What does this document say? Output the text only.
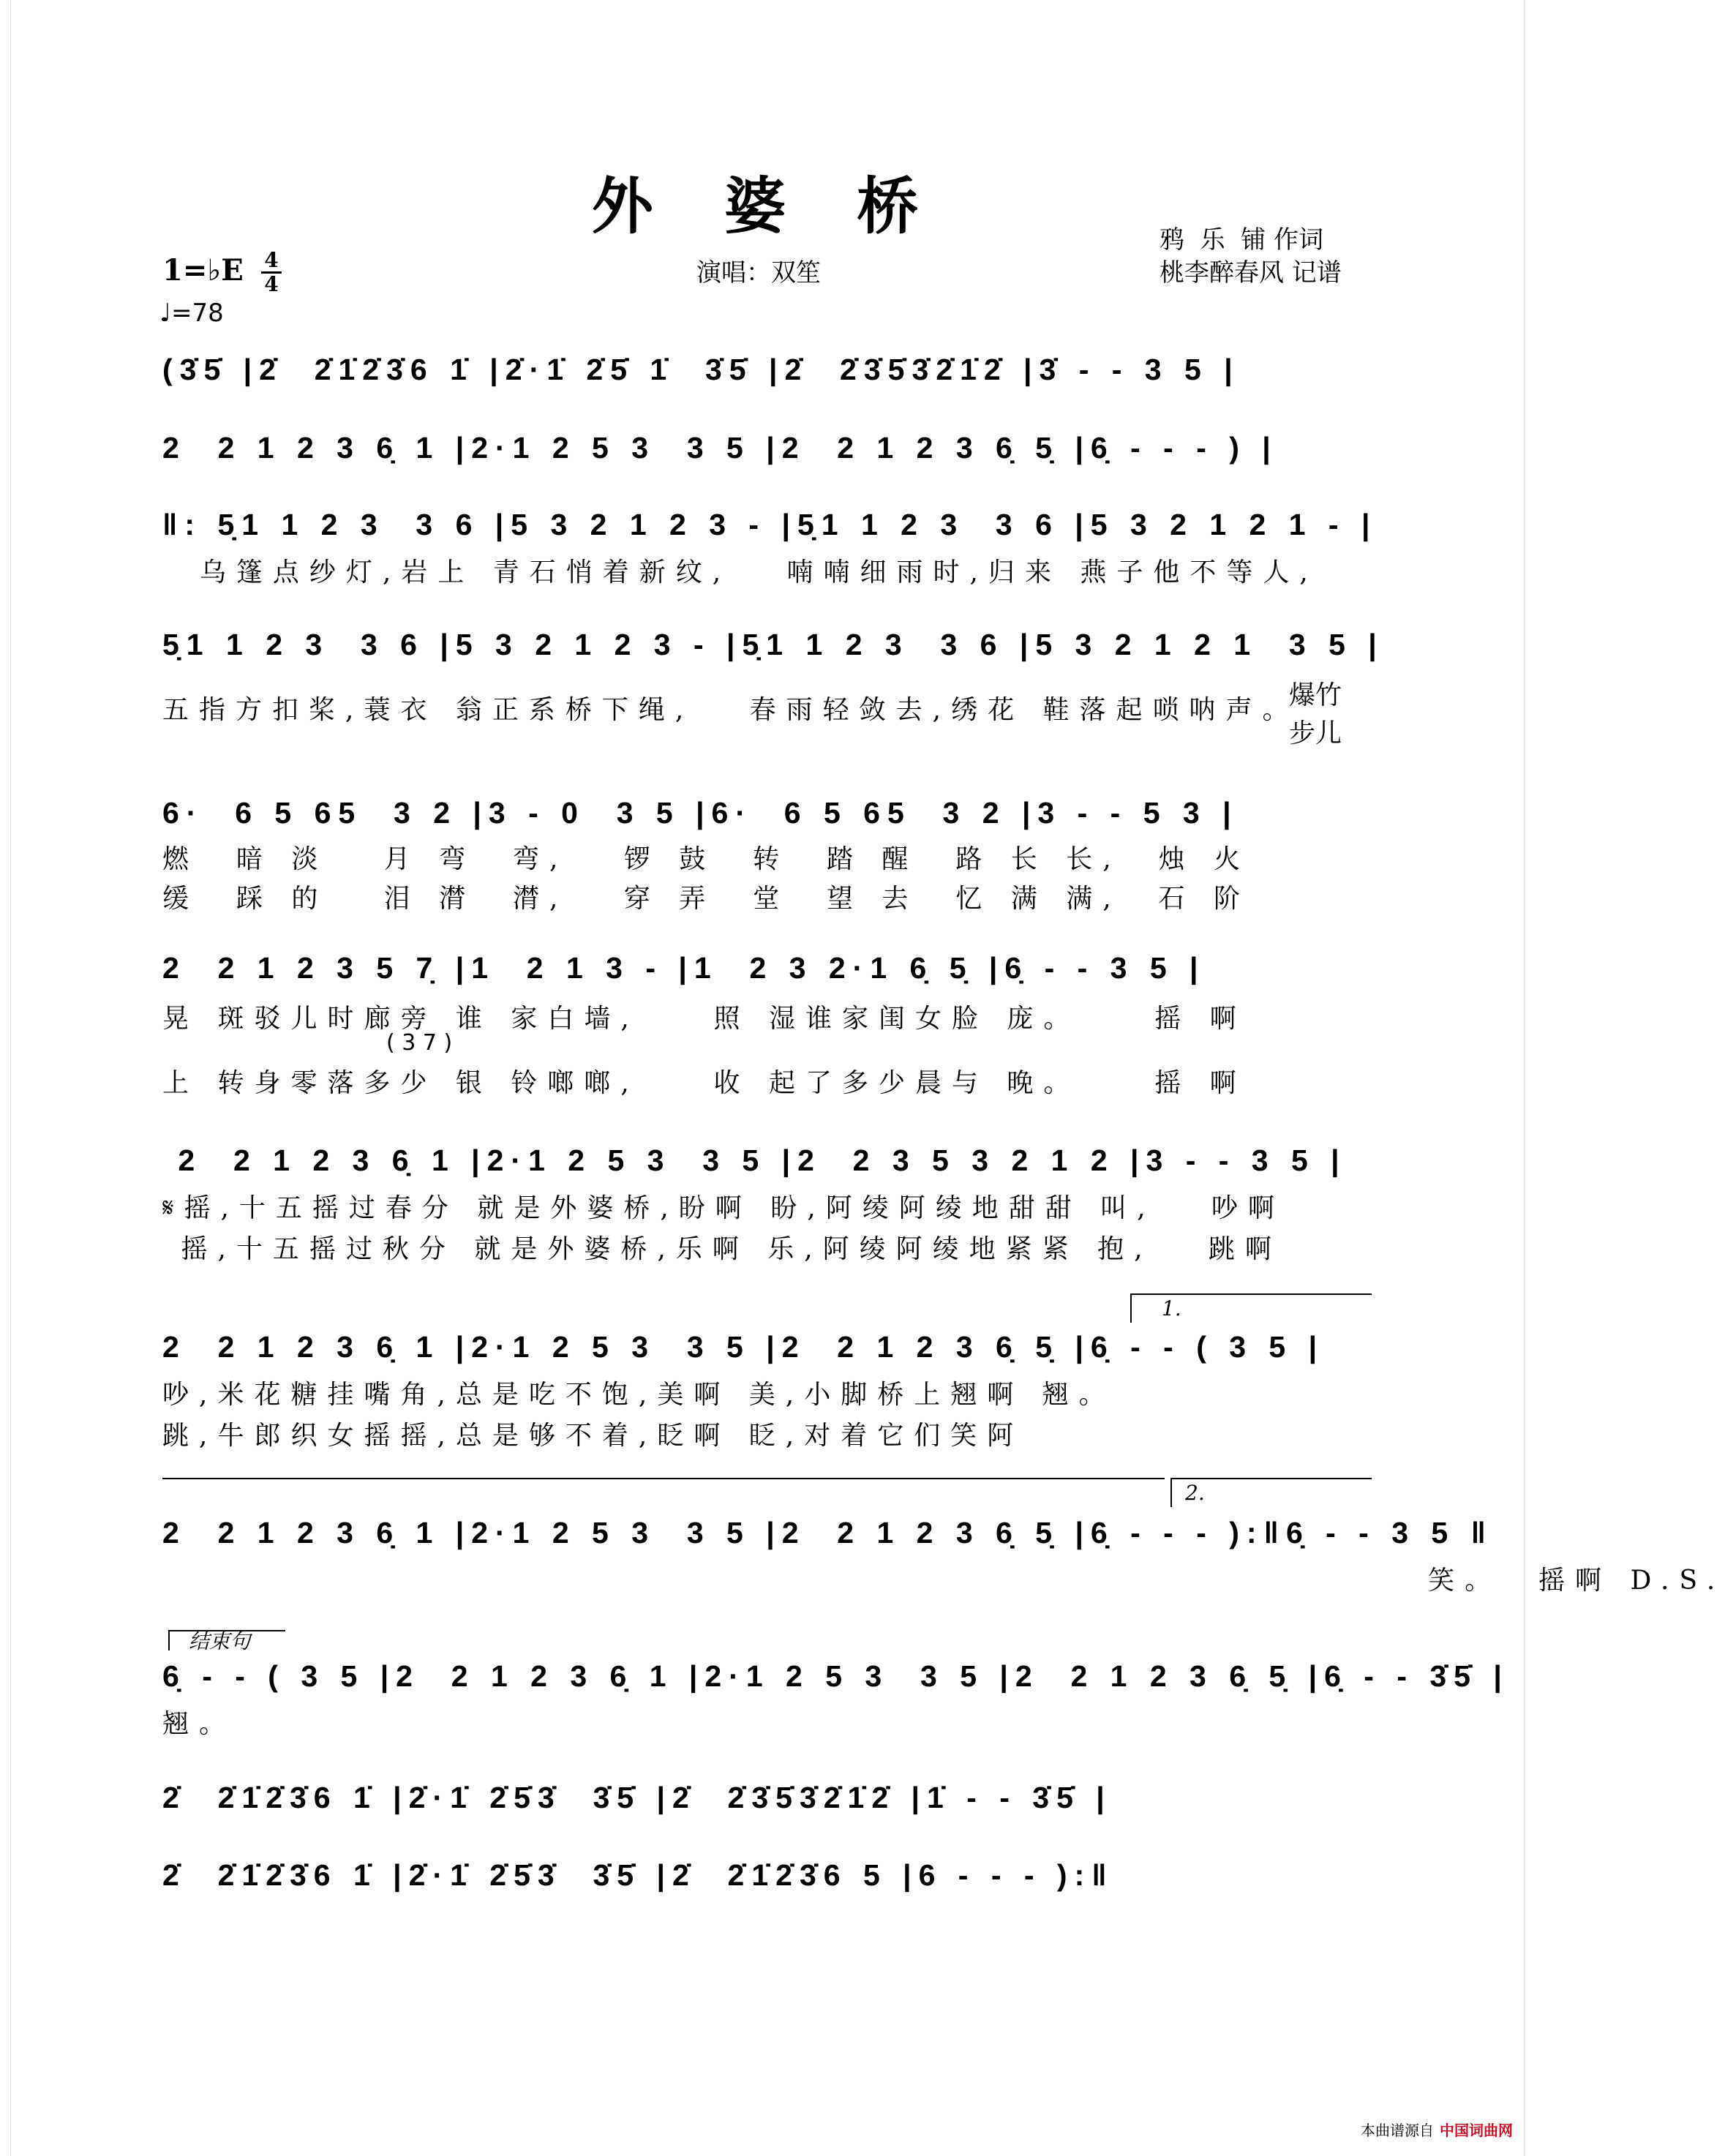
外 婆 桥	鸦  乐  铺 作词
桃李醉春风 记谱
演唱：双笙
1=♭E 4
4
♩=78
(3̇5̇ |2̇  2̇1̇2̇3̇6 1̇ |2̇·1̇ 2̇5̇ 1̇  3̇5̇ |2̇  2̇3̇5̇3̇2̇1̇2̇ |3̇ - - 3 5 |
2  2 1 2 3 6̣ 1 |2·1 2 5 3  3 5 |2  2 1 2 3 6̣ 5̣ |6̣ - - - ) |
‖: 5̣1 1 2 3  3 6 |5 3 2 1 2 3 - |5̣1 1 2 3  3 6 |5 3 2 1 2 1 - |
乌篷点纱灯,岩上 青石悄着新纹,   喃喃细雨时,归来 燕子他不等人,
5̣1 1 2 3  3 6 |5 3 2 1 2 3 - |5̣1 1 2 3  3 6 |5 3 2 1 2 1  3 5 |
五指方扣桨,蓑衣 翁正系桥下绳,   春雨轻敛去,绣花 鞋落起唢呐声。
爆竹
步儿
6·  6 5 65  3 2 |3 - 0  3 5 |6·  6 5 65  3 2 |3 - - 5 3 |
燃  暗 淡   月 弯  弯,   锣 鼓  转  踏 醒  路 长 长,  烛 火
缓  踩 的   泪 潸  潸,   穿 弄  堂  望 去  忆 满 满,  石 阶
2  2 1 2 3 5 7̣ |1  2 1 3 - |1  2 3 2·1 6̣ 5̣ |6̣ - - 3 5 |
晃 斑驳儿时廊旁 谁 家白墙,    照 湿谁家闺女脸 庞。    摇 啊
上 转身零落多少 银 铃啷啷,    收 起了多少晨与 晚。    摇 啊
( 3 7 )
2  2 1 2 3 6̣ 1 |2·1 2 5 3  3 5 |2  2 3 5 3 2 1 2 |3 - - 3 5 |
𝄋摇,十五摇过春分 就是外婆桥,盼啊 盼,阿绫阿绫地甜甜 叫,   吵啊
摇,十五摇过秋分 就是外婆桥,乐啊 乐,阿绫阿绫地紧紧 抱,   跳啊
1.
2  2 1 2 3 6̣ 1 |2·1 2 5 3  3 5 |2  2 1 2 3 6̣ 5̣ |6̣ - - ( 3 5 |
吵,米花糖挂嘴角,总是吃不饱,美啊 美,小脚桥上翘啊 翘。
跳,牛郎织女摇摇,总是够不着,眨啊 眨,对着它们笑阿
2.
2  2 1 2 3 6̣ 1 |2·1 2 5 3  3 5 |2  2 1 2 3 6̣ 5̣ |6̣ - - - ):‖6̣ - - 3 5 ‖
笑。  摇啊 D.S.
结束句
6̣ - - ( 3 5 |2  2 1 2 3 6̣ 1 |2·1 2 5 3  3 5 |2  2 1 2 3 6̣ 5̣ |6̣ - - 3̇5̇ |
翘。
2̇  2̇1̇2̇3̇6 1̇ |2̇·1̇ 2̇5̇3̇  3̇5̇ |2̇  2̇3̇5̇3̇2̇1̇2̇ |1̇ - - 3̇5̇ |
2̇  2̇1̇2̇3̇6 1̇ |2̇·1̇ 2̇5̇3̇  3̇5̇ |2̇  2̇1̇2̇3̇6 5 |6 - - - ):‖
本曲谱源自 中国词曲网
